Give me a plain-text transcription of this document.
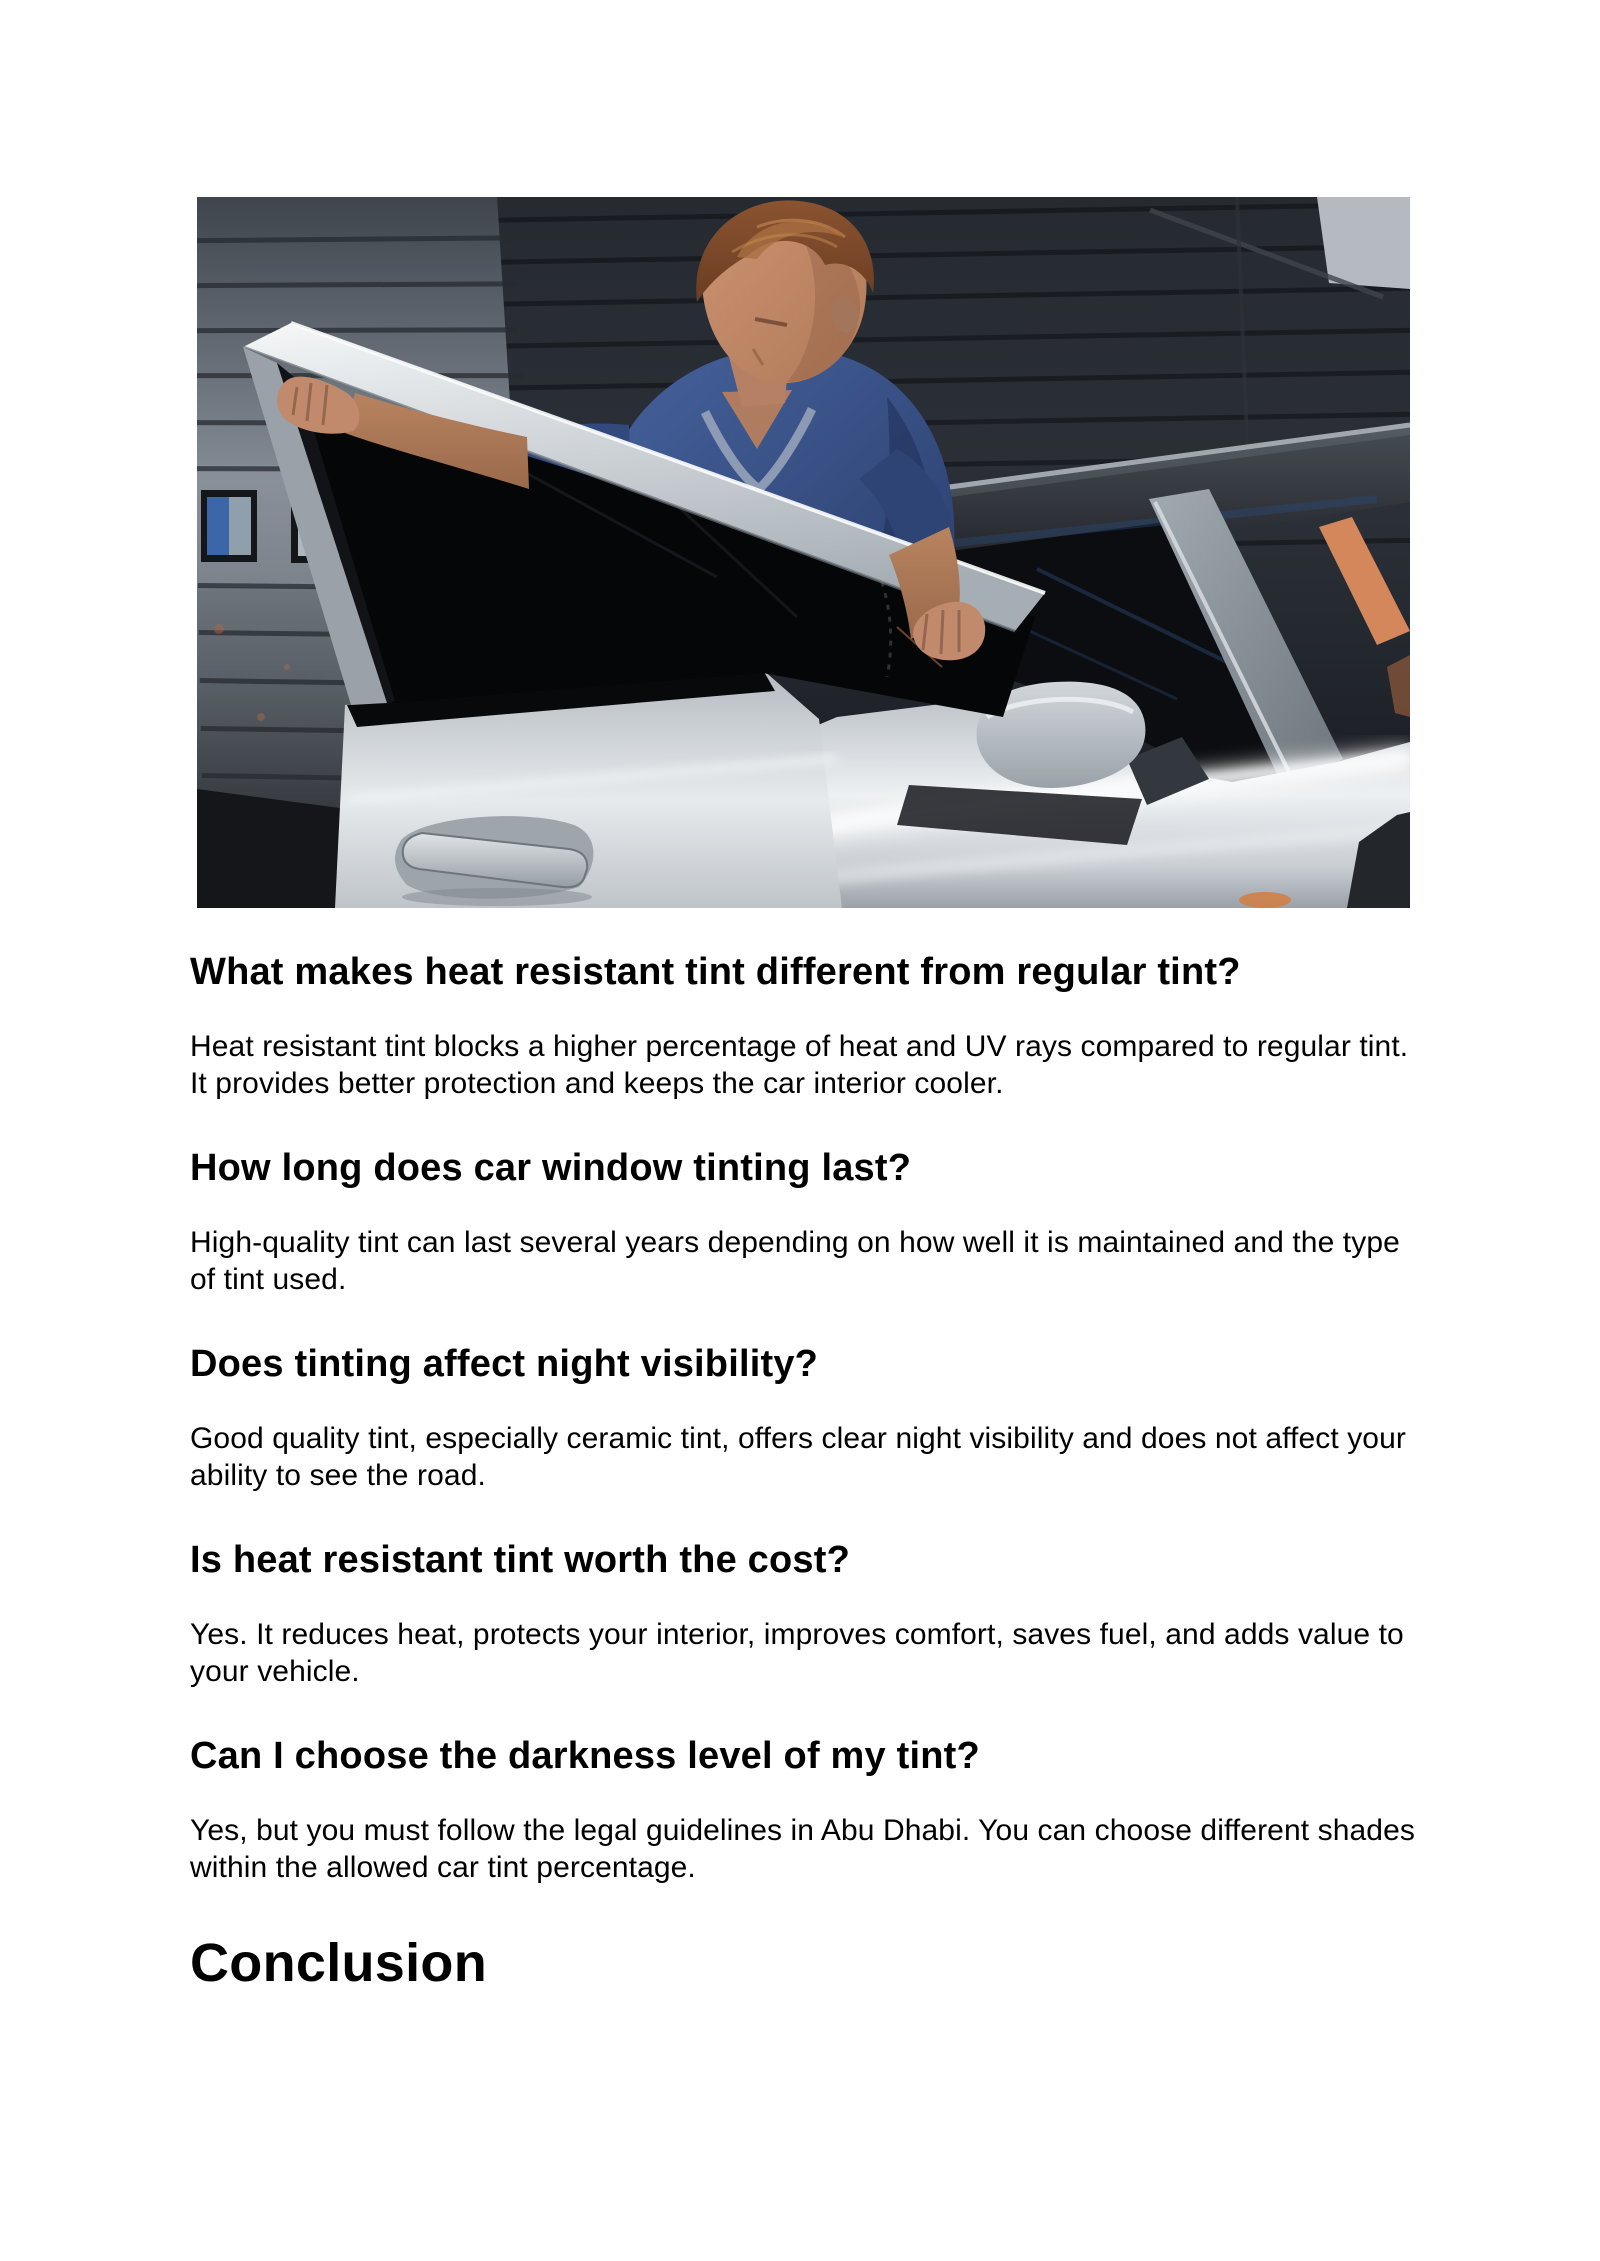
What makes heat resistant tint different from regular tint?

Heat resistant tint blocks a higher percentage of heat and UV rays compared to regular tint. It provides better protection and keeps the car interior cooler.

How long does car window tinting last?

High-quality tint can last several years depending on how well it is maintained and the type of tint used.

Does tinting affect night visibility?

Good quality tint, especially ceramic tint, offers clear night visibility and does not affect your ability to see the road.

Is heat resistant tint worth the cost?

Yes. It reduces heat, protects your interior, improves comfort, saves fuel, and adds value to your vehicle.

Can I choose the darkness level of my tint?

Yes, but you must follow the legal guidelines in Abu Dhabi. You can choose different shades within the allowed car tint percentage.

Conclusion
